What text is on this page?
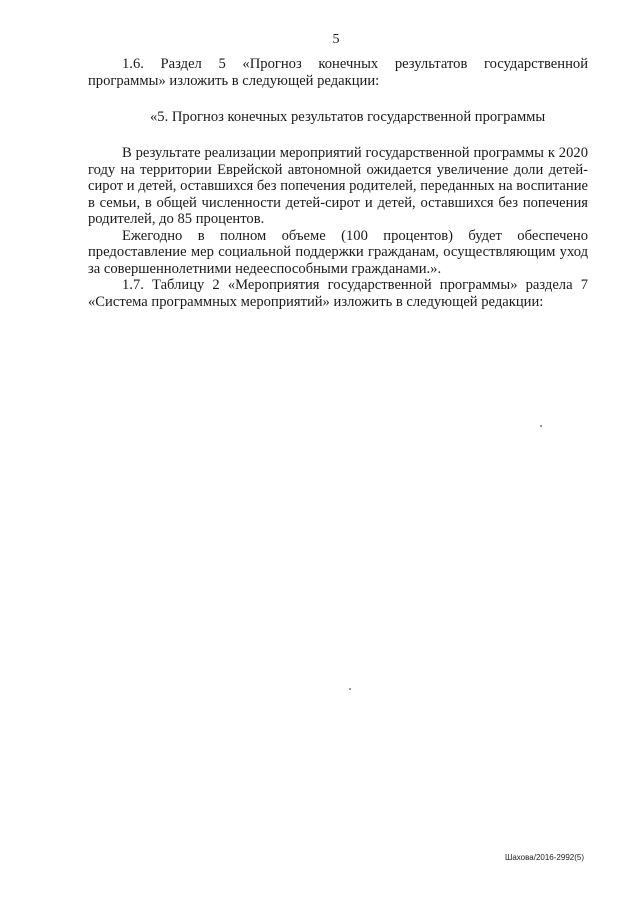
5

1.6. Раздел 5 «Прогноз конечных результатов государственной программы» изложить в следующей редакции:

«5. Прогноз конечных результатов государственной программы

В результате реализации мероприятий государственной программы к 2020 году на территории Еврейской автономной ожидается увеличение доли детей-сирот и детей, оставшихся без попечения родителей, переданных на воспитание в семьи, в общей численности детей-сирот и детей, оставшихся без попечения родителей, до 85 процентов.

Ежегодно в полном объеме (100 процентов) будет обеспечено предоставление мер социальной поддержки гражданам, осуществляющим уход за совершеннолетними недееспособными гражданами.».

1.7. Таблицу 2 «Мероприятия государственной программы» раздела 7 «Система программных мероприятий» изложить в следующей редакции:

Шахова/2016-2992(5)
